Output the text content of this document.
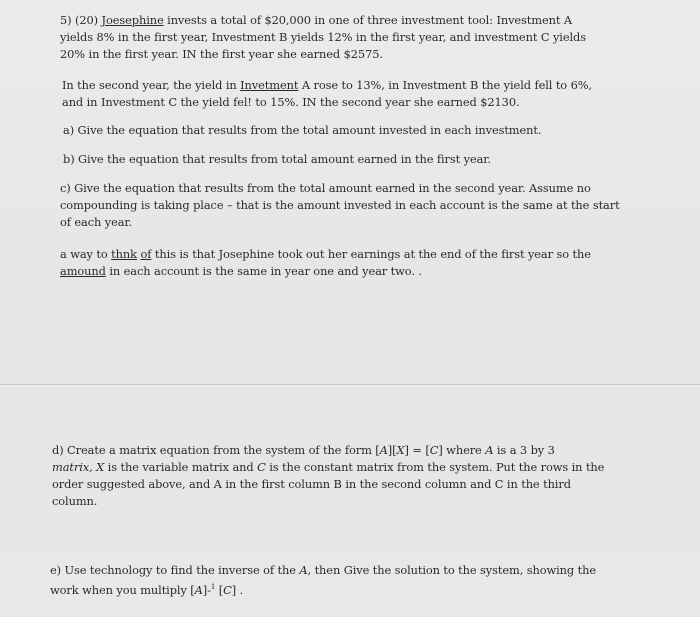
5) (20) Joesephine invests a total of $20,000 in one of three investment tool: Investment A
yields 8% in the first year, Investment B yields 12% in the first year, and investment C yields
20% in the first year. IN the first year she earned $2575.
In the second year, the yield in Invetment A rose to 13%, in Investment B the yield fell to 6%,
and in Investment C the yield fel! to 15%. IN the second year she earned $2130.
a) Give the equation that results from the total amount invested in each investment.
b) Give the equation that results from total amount earned in the first year.
c) Give the equation that results from the total amount earned in the second year. Assume no
compounding is taking place – that is the amount invested in each account is the same at the start
of each year.
a way to thnk of this is that Josephine took out her earnings at the end of the first year so the
amound in each account is the same in year one and year two. .
d) Create a matrix equation from the system of the form [A][X] = [C] where A is a 3 by 3
matrix, X is the variable matrix and C is the constant matrix from the system. Put the rows in the
order suggested above, and A in the first column B in the second column and C in the third
column.
e) Use technology to find the inverse of the A, then Give the solution to the system, showing the
work when you multiply [A]-$^1$ [C] .
